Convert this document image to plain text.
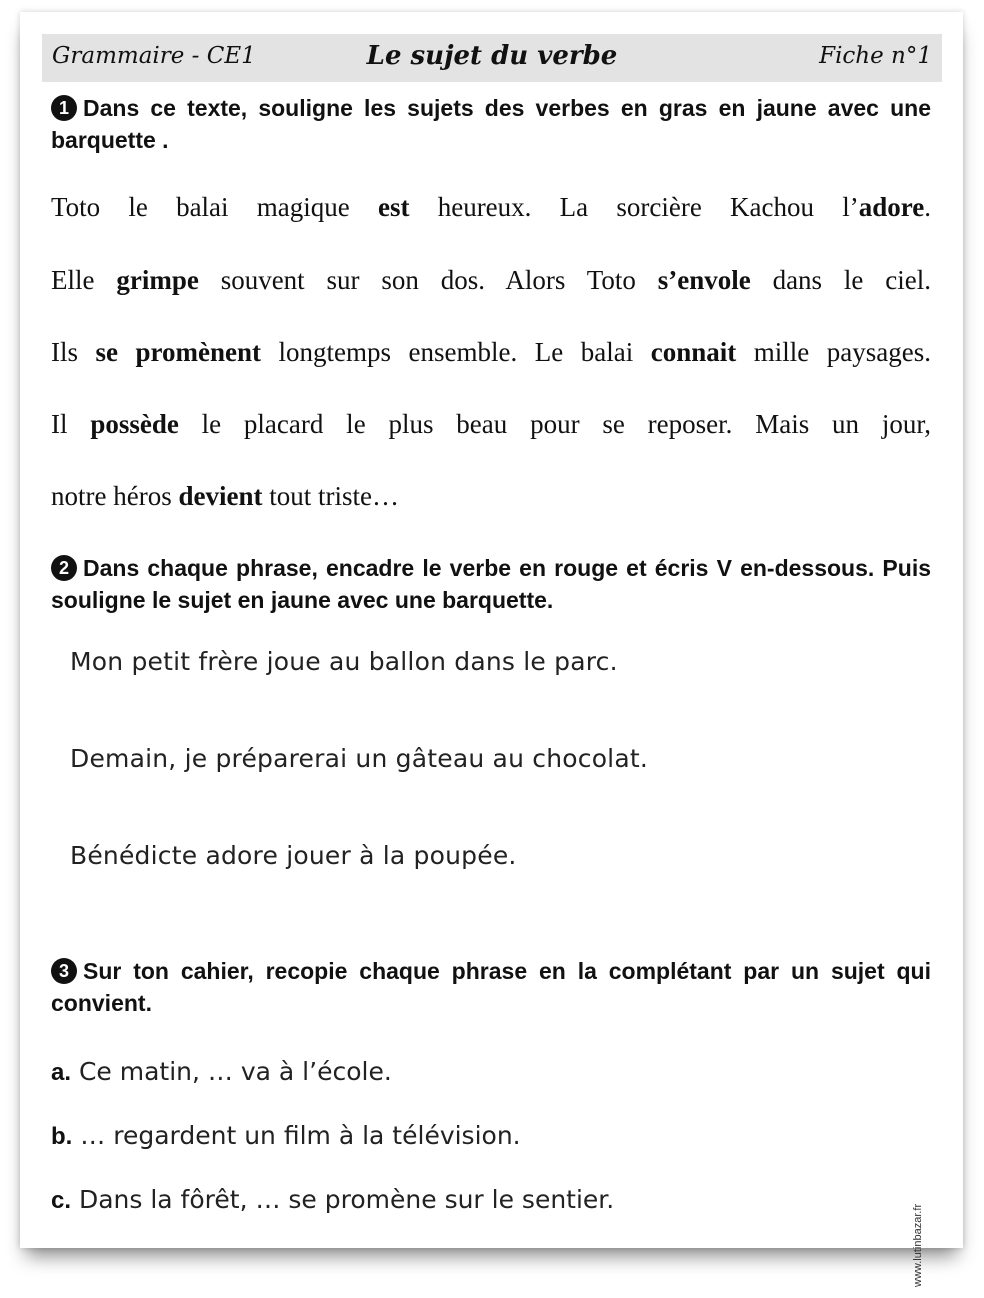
Grammaire - CE1	Le sujet du verbe	Fiche n°1
1 Dans ce texte, souligne les sujets des verbes en gras en jaune avec une barquette .
Toto le balai magique est heureux. La sorcière Kachou l’adore.
Elle grimpe souvent sur son dos. Alors Toto s’envole dans le ciel.
Ils se promènent longtemps ensemble. Le balai connait mille paysages.
Il possède le placard le plus beau pour se reposer. Mais un jour,
notre héros devient tout triste…
2 Dans chaque phrase, encadre le verbe en rouge et écris V en-dessous. Puis souligne le sujet en jaune avec une barquette.
Mon petit frère joue au ballon dans le parc.
Demain, je préparerai un gâteau au chocolat.
Bénédicte adore jouer à la poupée.
3 Sur ton cahier, recopie chaque phrase en la complétant par un sujet qui convient.
a. Ce matin, … va à l’école.
b. … regardent un film à la télévision.
c. Dans la fôrêt, … se promène sur le sentier.
www.lutinbazar.fr
